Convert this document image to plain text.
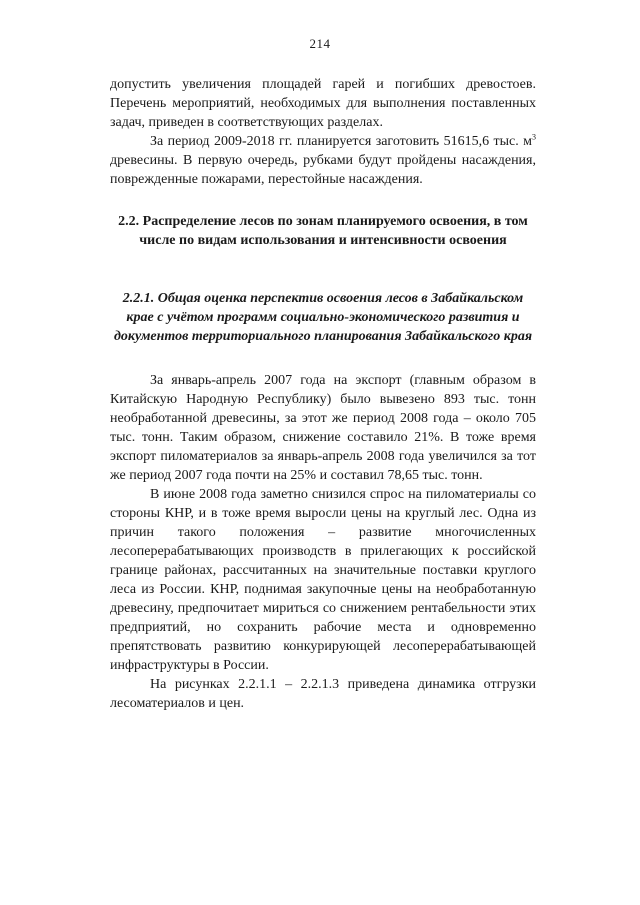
214

допустить увеличения площадей гарей и погибших древостоев. Перечень мероприятий, необходимых для выполнения поставленных задач, приведен в соответствующих разделах.

За период 2009-2018 гг. планируется заготовить 51615,6 тыс. $м^3$ древесины. В первую очередь, рубками будут пройдены насаждения, поврежденные пожарами, перестойные насаждения.

2.2. Распределение лесов по зонам планируемого освоения, в том числе по видам использования и интенсивности освоения
2.2.1. Общая оценка перспектив освоения лесов в Забайкальском крае с учётом программ социально-экономического развития и документов территориального планирования Забайкальского края

За январь-апрель 2007 года на экспорт (главным образом в Китайскую Народную Республику) было вывезено 893 тыс. тонн необработанной древесины, за этот же период 2008 года – около 705 тыс. тонн. Таким образом, снижение составило 21%. В тоже время экспорт пиломатериалов за январь-апрель 2008 года увеличился за тот же период 2007 года почти на 25% и составил 78,65 тыс. тонн.

В июне 2008 года заметно снизился спрос на пиломатериалы со стороны КНР, и в тоже время выросли цены на круглый лес. Одна из причин такого положения – развитие многочисленных лесоперерабатывающих производств в прилегающих к российской границе районах, рассчитанных на значительные поставки круглого леса из России. КНР, поднимая закупочные цены на необработанную древесину, предпочитает мириться со снижением рентабельности этих предприятий, но сохранить рабочие места и одновременно препятствовать развитию конкурирующей лесоперерабатывающей инфраструктуры в России.

На рисунках 2.2.1.1 – 2.2.1.3 приведена динамика отгрузки лесоматериалов и цен.
